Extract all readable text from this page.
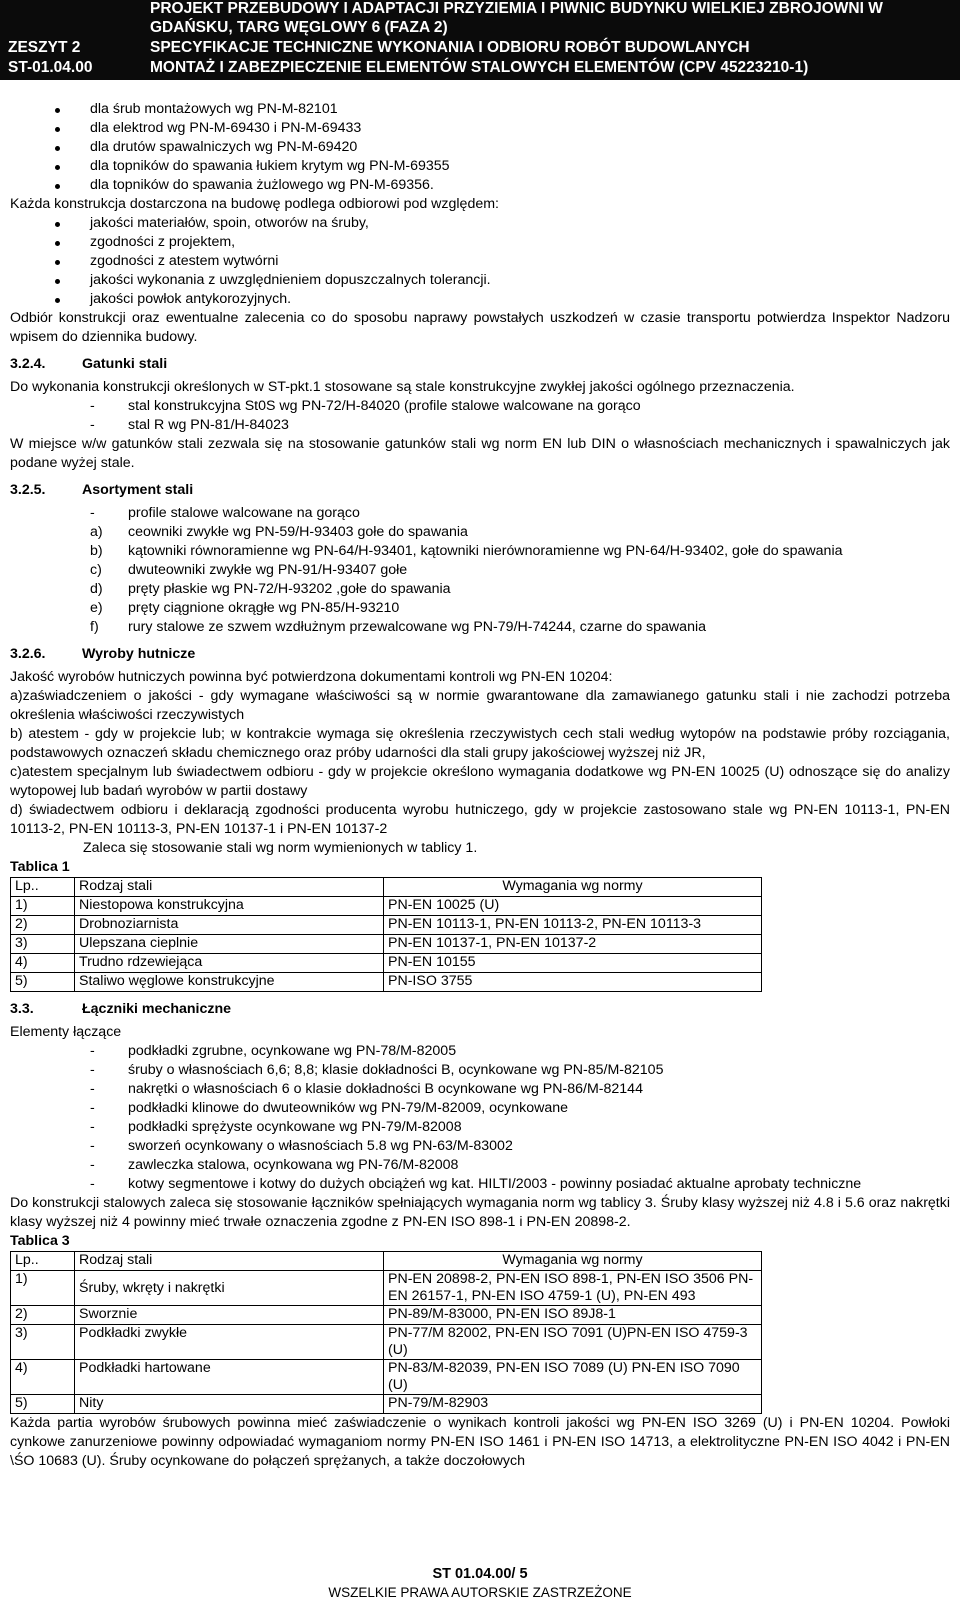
ZESZYT 2
ST-01.04.00
PROJEKT PRZEBUDOWY I ADAPTACJI PRZYZIEMIA I PIWNIC BUDYNKU WIELKIEJ ZBROJOWNI W
GDAŃSKU, TARG WĘGLOWY 6 (FAZA 2)
SPECYFIKACJE TECHNICZNE WYKONANIA I ODBIORU ROBÓT BUDOWLANYCH
MONTAŻ I ZABEZPIECZENIE ELEMENTÓW STALOWYCH ELEMENTÓW (CPV 45223210-1)
dla śrub montażowych wg PN-M-82101
dla elektrod wg PN-M-69430 i PN-M-69433
dla drutów spawalniczych wg PN-M-69420
dla topników do spawania łukiem krytym wg PN-M-69355
dla topników do spawania żużlowego wg PN-M-69356.

Każda konstrukcja dostarczona na budowę podlega odbiorowi pod względem:

jakości materiałów, spoin, otworów na śruby,
zgodności z projektem,
zgodności z atestem wytwórni
jakości wykonania z uwzględnieniem dopuszczalnych tolerancji.
jakości powłok antykorozyjnych.

Odbiór konstrukcji oraz ewentualne zalecenia co do sposobu naprawy powstałych uszkodzeń w czasie transportu potwierdza Inspektor Nadzoru wpisem do dziennika budowy.

3.2.4.	Gatunki stali

Do wykonania konstrukcji określonych w ST-pkt.1 stosowane są stale konstrukcyjne zwykłej jakości ogólnego przeznaczenia.

- stal konstrukcyjna St0S wg PN-72/H-84020 (profile stalowe walcowane na gorąco
- stal R wg PN-81/H-84023

W miejsce w/w gatunków stali zezwala się na stosowanie gatunków stali wg norm EN lub DIN o własnościach mechanicznych i spawalniczych jak podane wyżej stale.

3.2.5.	Asortyment stali
- profile stalowe walcowane na gorąco
a) ceowniki zwykłe wg PN-59/H-93403 gołe do spawania
b) kątowniki równoramienne wg PN-64/H-93401, kątowniki nierównoramienne wg PN-64/H-93402, gołe do spawania
c) dwuteowniki zwykłe wg PN-91/H-93407 gołe
d) pręty płaskie wg PN-72/H-93202 ,gołe do spawania
e) pręty ciągnione okrągłe wg PN-85/H-93210
f) rury stalowe ze szwem wzdłużnym przewalcowane wg PN-79/H-74244, czarne do spawania
3.2.6.	Wyroby hutnicze

Jakość wyrobów hutniczych powinna być potwierdzona dokumentami kontroli wg PN-EN 10204:

a)zaświadczeniem o jakości - gdy wymagane właściwości są w normie gwarantowane dla zamawianego gatunku stali i nie zachodzi potrzeba określenia właściwości rzeczywistych

b) atestem - gdy w projekcie lub; w kontrakcie wymaga się określenia rzeczywistych cech stali według wytopów na podstawie próby rozciągania, podstawowych oznaczeń składu chemicznego oraz próby udarności dla stali grupy jakościowej wyższej niż JR,

c)atestem specjalnym lub świadectwem odbioru - gdy w projekcie określono wymagania dodatkowe wg PN-EN 10025 (U) odnoszące się do analizy wytopowej lub badań wyrobów w partii dostawy

d) świadectwem odbioru i deklaracją zgodności producenta wyrobu hutniczego, gdy w projekcie zastosowano stale wg PN-EN 10113-1, PN-EN 10113-2, PN-EN 10113-3, PN-EN 10137-1 i PN-EN 10137-2

Zaleca się stosowanie stali wg norm wymienionych w tablicy 1.

Tablica 1
Lp..	Rodzaj stali	Wymagania wg normy
1)	Niestopowa konstrukcyjna	PN-EN 10025 (U)
2)	Drobnoziarnista	PN-EN 10113-1, PN-EN 10113-2, PN-EN 10113-3
3)	Ulepszana cieplnie	PN-EN 10137-1, PN-EN 10137-2
4)	Trudno rdzewiejąca	PN-EN 10155
5)	Staliwo węglowe konstrukcyjne	PN-ISO 3755
3.3.	Łączniki mechaniczne

Elementy łączące

- podkładki zgrubne, ocynkowane wg PN-78/M-82005
- śruby o własnościach 6,6; 8,8; klasie dokładności B, ocynkowane wg PN-85/M-82105
- nakrętki o własnościach 6 o klasie dokładności B ocynkowane wg PN-86/M-82144
- podkładki klinowe do dwuteowników wg PN-79/M-82009, ocynkowane
- podkładki sprężyste ocynkowane wg PN-79/M-82008
- sworzeń ocynkowany o własnościach 5.8 wg PN-63/M-83002
- zawleczka stalowa, ocynkowana wg PN-76/M-82008
- kotwy segmentowe i kotwy do dużych obciążeń wg kat. HILTI/2003 - powinny posiadać aktualne aprobaty techniczne

Do konstrukcji stalowych zaleca się stosowanie łączników spełniających wymagania norm wg tablicy 3. Śruby klasy wyższej niż 4.8 i 5.6 oraz nakrętki klasy wyższej niż 4 powinny mieć trwałe oznaczenia zgodne z PN-EN ISO 898-1 i PN-EN 20898-2.

Tablica 3
Lp..	Rodzaj stali	Wymagania wg normy
1)	Śruby, wkręty i nakrętki	PN-EN 20898-2, PN-EN ISO 898-1, PN-EN ISO 3506 PN-EN 26157-1, PN-EN ISO 4759-1 (U), PN-EN 493
2)	Sworznie	PN-89/M-83000, PN-EN ISO 89J8-1
3)	Podkładki zwykłe	PN-77/M 82002, PN-EN ISO 7091 (U)PN-EN ISO 4759-3 (U)
4)	Podkładki hartowane	PN-83/M-82039, PN-EN ISO 7089 (U) PN-EN ISO 7090 (U)
5)	Nity	PN-79/M-82903

Każda partia wyrobów śrubowych powinna mieć zaświadczenie o wynikach kontroli jakości wg PN-EN ISO 3269 (U) i PN-EN 10204. Powłoki cynkowe zanurzeniowe powinny odpowiadać wymaganiom normy PN-EN ISO 1461 i PN-EN ISO 14713, a elektrolityczne PN-EN ISO 4042 i PN-EN \ŚO 10683 (U). Śruby ocynkowane do połączeń sprężanych, a także doczołowych

ST 01.04.00/ 5
WSZELKIE PRAWA AUTORSKIE ZASTRZEŻONE
